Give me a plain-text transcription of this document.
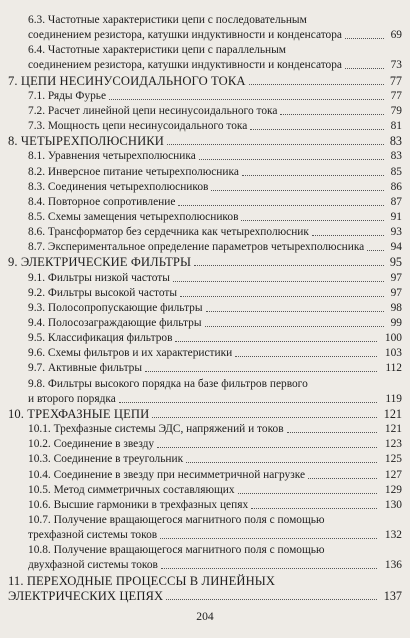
6.3. Частотные характеристики цепи с последовательным
соединением резистора, катушки индуктивности и конденсатора	69
6.4. Частотные характеристики цепи с параллельным
соединением резистора, катушки индуктивности и конденсатора	73
7. ЦЕПИ НЕСИНУСОИДАЛЬНОГО ТОКА	77
7.1. Ряды Фурье	77
7.2. Расчет линейной цепи несинусоидального тока	79
7.3. Мощность цепи несинусоидального тока	81
8. ЧЕТЫРЕХПОЛЮСНИКИ	83
8.1. Уравнения четырехполюсника	83
8.2. Инверсное питание четырехполюсника	85
8.3. Соединения четырехполюсников	86
8.4. Повторное сопротивление	87
8.5. Схемы замещения четырехполюсников	91
8.6. Трансформатор без сердечника как четырехполюсник	93
8.7. Экспериментальное определение параметров четырехполюсника	94
9. ЭЛЕКТРИЧЕСКИЕ ФИЛЬТРЫ	95
9.1. Фильтры низкой частоты	97
9.2. Фильтры высокой частоты	97
9.3. Полосопропускающие фильтры	98
9.4. Полосозаграждающие фильтры	99
9.5. Классификация фильтров	100
9.6. Схемы фильтров и их характеристики	103
9.7. Активные фильтры	112
9.8. Фильтры высокого порядка на базе фильтров первого
и второго порядка	119
10. ТРЕХФАЗНЫЕ ЦЕПИ	121
10.1. Трехфазные системы ЭДС, напряжений и токов	121
10.2. Соединение в звезду	123
10.3. Соединение в треугольник	125
10.4. Соединение в звезду при несимметричной нагрузке	127
10.5. Метод симметричных составляющих	129
10.6. Высшие гармоники в трехфазных цепях	130
10.7. Получение вращающегося магнитного поля с помощью
трехфазной системы токов	132
10.8. Получение вращающегося магнитного поля с помощью
двухфазной системы токов	136
11. ПЕРЕХОДНЫЕ ПРОЦЕССЫ В ЛИНЕЙНЫХ
ЭЛЕКТРИЧЕСКИХ ЦЕПЯХ	137
204
